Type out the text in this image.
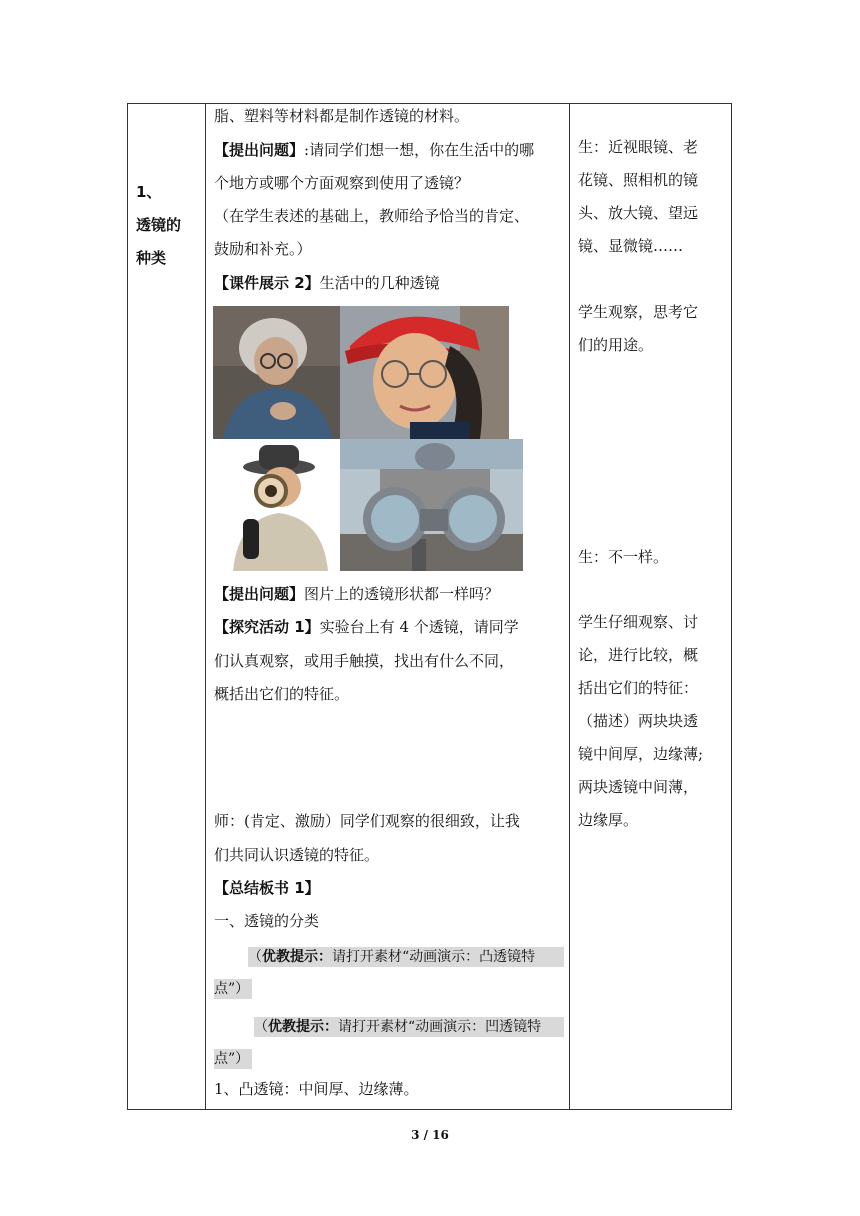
1、
透镜的
种类
脂、塑料等材料都是制作透镜的材料。
【提出问题】:请同学们想一想，你在生活中的哪
个地方或哪个方面观察到使用了透镜？
（在学生表述的基础上，教师给予恰当的肯定、
鼓励和补充。）
【课件展示 2】生活中的几种透镜
【提出问题】图片上的透镜形状都一样吗？
【探究活动 1】实验台上有 4 个透镜，请同学
们认真观察，或用手触摸，找出有什么不同，
概括出它们的特征。
师：(肯定、激励）同学们观察的很细致，让我
们共同认识透镜的特征。
【总结板书 1】
一、透镜的分类
（优教提示：请打开素材“动画演示：凸透镜特
点”）
（优教提示：请打开素材“动画演示：凹透镜特
点”）
1、凸透镜：中间厚、边缘薄。
生：近视眼镜、老
花镜、照相机的镜
头、放大镜、望远
镜、显微镜……
学生观察，思考它
们的用途。
生：不一样。
学生仔细观察、讨
论，进行比较，概
括出它们的特征：
（描述）两块块透
镜中间厚，边缘薄;
两块透镜中间薄，
边缘厚。
3 / 16
